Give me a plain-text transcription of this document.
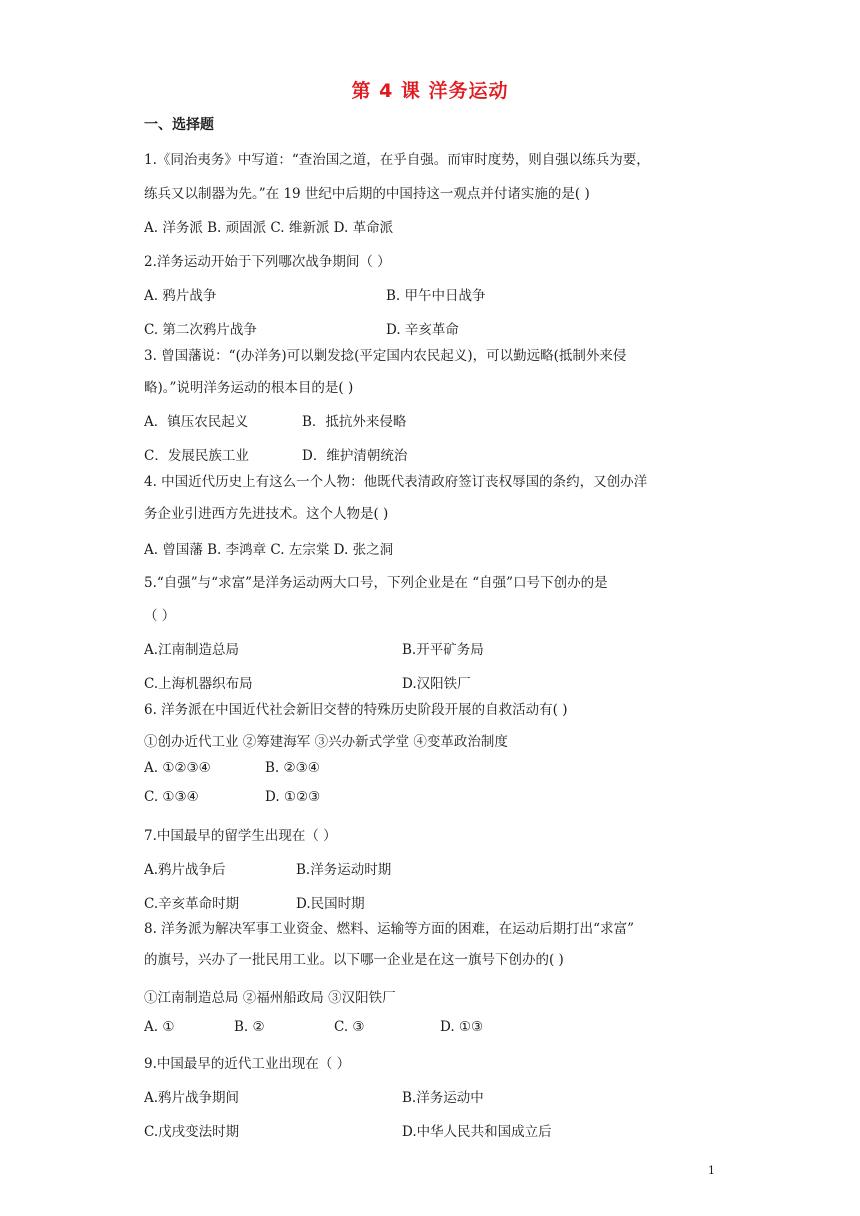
第 4 课 洋务运动
一、选择题
1.《同治夷务》中写道：“查治国之道，在乎自强。而审时度势，则自强以练兵为要，
练兵又以制器为先。”在 19 世纪中后期的中国持这一观点并付诸实施的是( )
A. 洋务派 B. 顽固派 C. 维新派 D. 革命派
2.洋务运动开始于下列哪次战争期间（ ）
A. 鸦片战争	B. 甲午中日战争
C. 第二次鸦片战争	D. 辛亥革命
3. 曾国藩说：“(办洋务)可以剿发捻(平定国内农民起义)，可以勤远略(抵制外来侵
略)。”说明洋务运动的根本目的是( )
A．镇压农民起义	B．抵抗外来侵略
C．发展民族工业	D．维护清朝统治
4. 中国近代历史上有这么一个人物：他既代表清政府签订丧权辱国的条约，又创办洋
务企业引进西方先进技术。这个人物是( )
A. 曾国藩 B. 李鸿章 C. 左宗棠 D. 张之洞
5.“自强”与“求富”是洋务运动两大口号，下列企业是在 “自强”口号下创办的是
（ ）
A.江南制造总局	B.开平矿务局
C.上海机器织布局	D.汉阳铁厂
6. 洋务派在中国近代社会新旧交替的特殊历史阶段开展的自救活动有( )
①创办近代工业 ②筹建海军 ③兴办新式学堂 ④变革政治制度
A. ①②③④	B. ②③④
C. ①③④	D. ①②③
7.中国最早的留学生出现在（ ）
A.鸦片战争后	B.洋务运动时期
C.辛亥革命时期	D.民国时期
8. 洋务派为解决军事工业资金、燃料、运输等方面的困难，在运动后期打出“求富”
的旗号，兴办了一批民用工业。以下哪一企业是在这一旗号下创办的( )
①江南制造总局 ②福州船政局 ③汉阳铁厂
A. ①	B. ②	C. ③	D. ①③
9.中国最早的近代工业出现在（ ）
A.鸦片战争期间	B.洋务运动中
C.戊戌变法时期	D.中华人民共和国成立后
1
